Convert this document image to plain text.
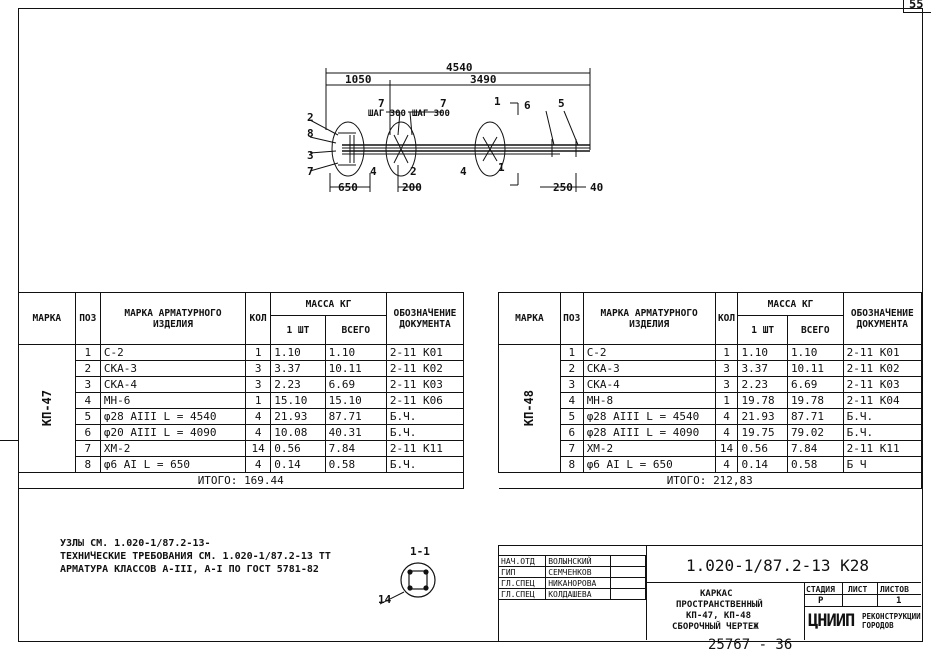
55
4540
1050	3490
7
ШАГ 300
7
ШАГ 300
650	200	250 40
2
8
3
7	4	2	4
6 5
1
1
МАРКА	ПОЗ	МАРКА АРМАТУРНОГО ИЗДЕЛИЯ	КОЛ	МАССА КГ		ОБОЗНАЧЕНИЕ ДОКУМЕНТА
				1 ШТ	ВСЕГО	

КП-47	1	С-2	1	1.10	1.10	2-11 К01
	2	СКА-3	3	3.37	10.11	2-11 К02
	3	СКА-4	3	2.23	6.69	2-11 К03
	4	МН-6	1	15.10	15.10	2-11 К06
	5	φ28 АIII L = 4540	4	21.93	87.71	Б.Ч.
	6	φ20 АIII L = 4090	4	10.08	40.31	Б.Ч.
	7	ХМ-2	14	0.56	7.84	2-11 К11
	8	φ6 АI L = 650	4	0.14	0.58	Б.Ч.
ИТОГО: 169.44						
МАРКА	ПОЗ	МАРКА АРМАТУРНОГО ИЗДЕЛИЯ	КОЛ	МАССА КГ		ОБОЗНАЧЕНИЕ ДОКУМЕНТА
				1 ШТ	ВСЕГО	

КП-48	1	С-2	1	1.10	1.10	2-11 К01
	2	СКА-3	3	3.37	10.11	2-11 К02
	3	СКА-4	3	2.23	6.69	2-11 К03
	4	МН-8	1	19.78	19.78	2-11 К04
	5	φ28 АIII L = 4540	4	21.93	87.71	Б.Ч.
	6	φ28 АIII L = 4090	4	19.75	79.02	Б.Ч.
	7	ХМ-2	14	0.56	7.84	2-11 К11
	8	φ6 АI L = 650	4	0.14	0.58	Б Ч
ИТОГО: 212,83						
УЗЛЫ СМ. 1.020-1/87.2-13-
ТЕХНИЧЕСКИЕ ТРЕБОВАНИЯ СМ. 1.020-1/87.2-13 ТТ
АРМАТУРА КЛАССОВ А-III, А-I ПО ГОСТ 5781-82
1-1
14
НАЧ.ОТД	ВОЛЫНСКИЙ	
ГИП	СЕМЧЕНКОВ	
ГЛ.СПЕЦ	НИКАНОРОВА	
ГЛ.СПЕЦ	КОЛДАШЕВА	
1.020-1/87.2-13 К28
КАРКАС
ПРОСТРАНСТВЕННЫЙ
КП-47, КП-48
СБОРОЧНЫЙ ЧЕРТЕЖ
СТАДИЯ ЛИСТ ЛИСТОВ
Р	1
ЦНИИП РЕКОНСТРУКЦИИ ГОРОДОВ
25767 - 36
